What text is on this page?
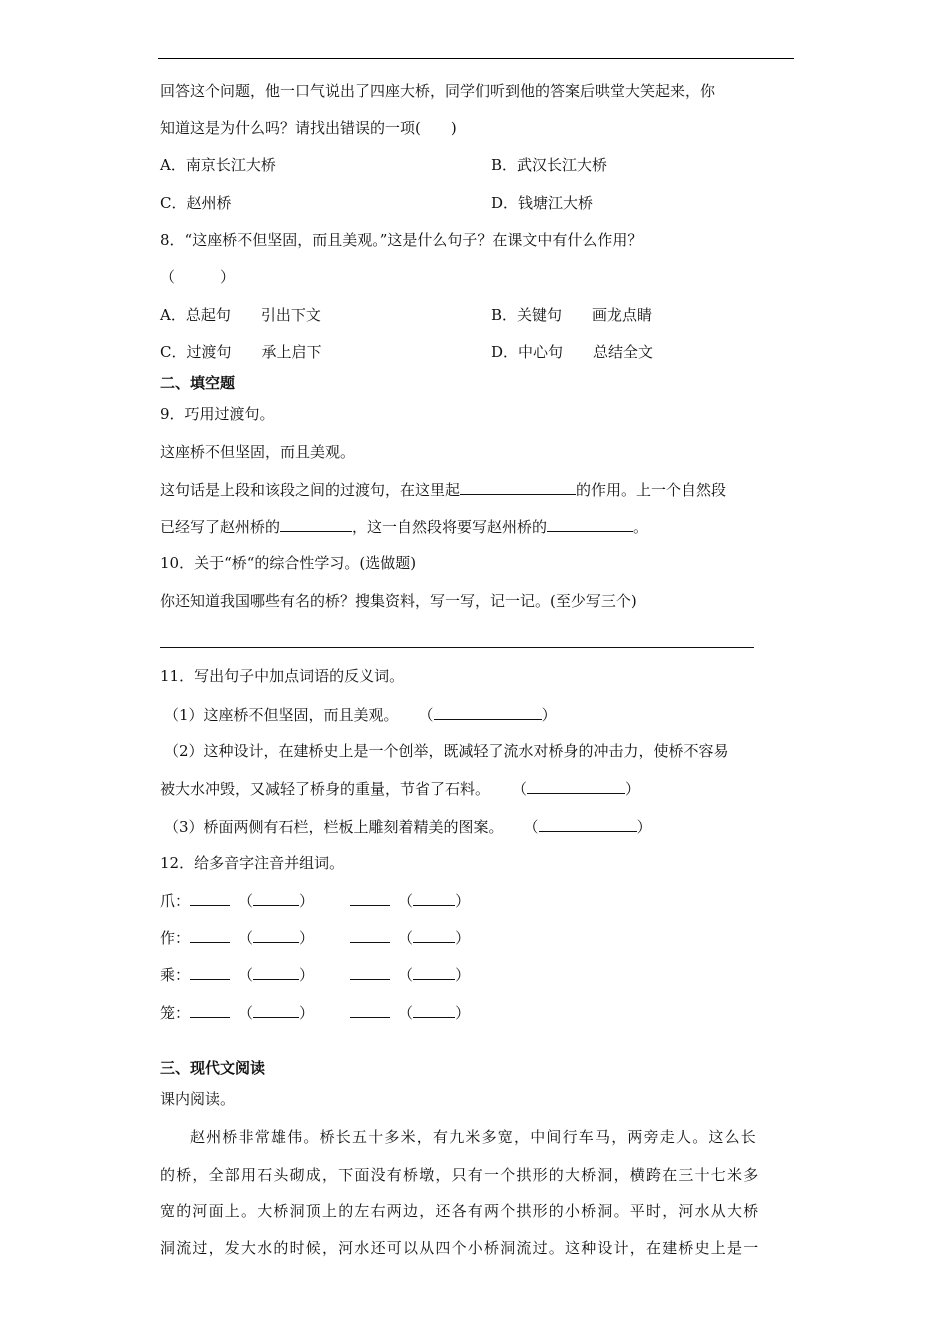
回答这个问题，他一口气说出了四座大桥，同学们听到他的答案后哄堂大笑起来，你
知道这是为什么吗？请找出错误的一项(　　)
A．南京长江大桥	B．武汉长江大桥
C．赵州桥	D．钱塘江大桥
8．“这座桥不但坚固，而且美观。”这是什么句子？在课文中有什么作用？
（　　　）
A．总起句 引出下文	B．关键句 画龙点睛
C．过渡句 承上启下	D．中心句 总结全文
二、填空题
9．巧用过渡句。
这座桥不但坚固，而且美观。
这句话是上段和该段之间的过渡句，在这里起	的作用。上一个自然段
已经写了赵州桥的	，这一自然段将要写赵州桥的	。
10．关于“桥“的综合性学习。(选做题)
你还知道我国哪些有名的桥？搜集资料，写一写，记一记。(至少写三个)
11．写出句子中加点词语的反义词。
（1）这座桥不但坚固，而且美观。 （	）
（2）这种设计，在建桥史上是一个创举，既减轻了流水对桥身的冲击力，使桥不容易
被大水冲毁，又减轻了桥身的重量，节省了石料。 （	）
（3）桥面两侧有石栏，栏板上雕刻着精美的图案。 （	）
12．给多音字注音并组词。
爪：	（	）	（	）
作：	（	）	（	）
乘：	（	）	（	）
笼：	（	）	（	）
三、现代文阅读
课内阅读。
赵州桥非常雄伟。桥长五十多米，有九米多宽，中间行车马，两旁走人。这么长
的桥，全部用石头砌成，下面没有桥墩，只有一个拱形的大桥洞，横跨在三十七米多
宽的河面上。大桥洞顶上的左右两边，还各有两个拱形的小桥洞。平时，河水从大桥
洞流过，发大水的时候，河水还可以从四个小桥洞流过。这种设计，在建桥史上是一
